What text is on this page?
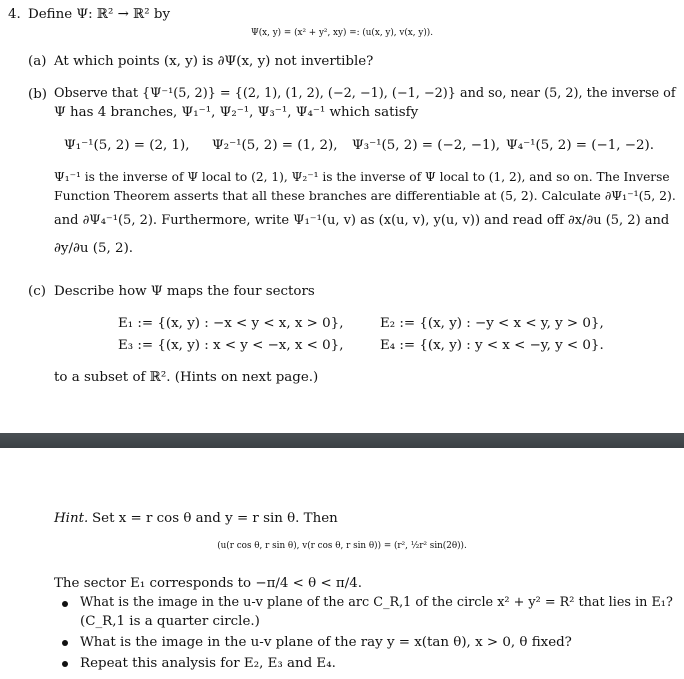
4. Define Ψ: ℝ² → ℝ² by
Ψ(x, y) = (x² + y², xy) =: (u(x, y), v(x, y)).
(a) At which points (x, y) is ∂Ψ(x, y) not invertible?
(b) Observe that {Ψ⁻¹(5, 2)} = {(2, 1), (1, 2), (−2, −1), (−1, −2)} and so, near (5, 2), the inverse of
Ψ has 4 branches, Ψ₁⁻¹, Ψ₂⁻¹, Ψ₃⁻¹, Ψ₄⁻¹ which satisfy
Ψ₁⁻¹(5, 2) = (2, 1), Ψ₂⁻¹(5, 2) = (1, 2), Ψ₃⁻¹(5, 2) = (−2, −1), Ψ₄⁻¹(5, 2) = (−1, −2).
Ψ₁⁻¹ is the inverse of Ψ local to (2, 1), Ψ₂⁻¹ is the inverse of Ψ local to (1, 2), and so on. The Inverse
Function Theorem asserts that all these branches are differentiable at (5, 2). Calculate ∂Ψ₁⁻¹(5, 2).
and ∂Ψ₄⁻¹(5, 2). Furthermore, write Ψ₁⁻¹(u, v) as (x(u, v), y(u, v)) and read off ∂x/∂u (5, 2) and
∂y/∂u (5, 2).
(c) Describe how Ψ maps the four sectors
E₁ := {(x, y) : −x < y < x, x > 0},	E₂ := {(x, y) : −y < x < y, y > 0},
E₃ := {(x, y) : x < y < −x, x < 0},	E₄ := {(x, y) : y < x < −y, y < 0}.
to a subset of ℝ². (Hints on next page.)
Hint. Set x = r cos θ and y = r sin θ. Then
(u(r cos θ, r sin θ), v(r cos θ, r sin θ)) = (r², ½r² sin(2θ)).
The sector E₁ corresponds to −π/4 < θ < π/4.
What is the image in the u-v plane of the arc C_R,1 of the circle x² + y² = R² that lies in E₁?
(C_R,1 is a quarter circle.)
What is the image in the u-v plane of the ray y = x(tan θ), x > 0, θ fixed?
Repeat this analysis for E₂, E₃ and E₄.
